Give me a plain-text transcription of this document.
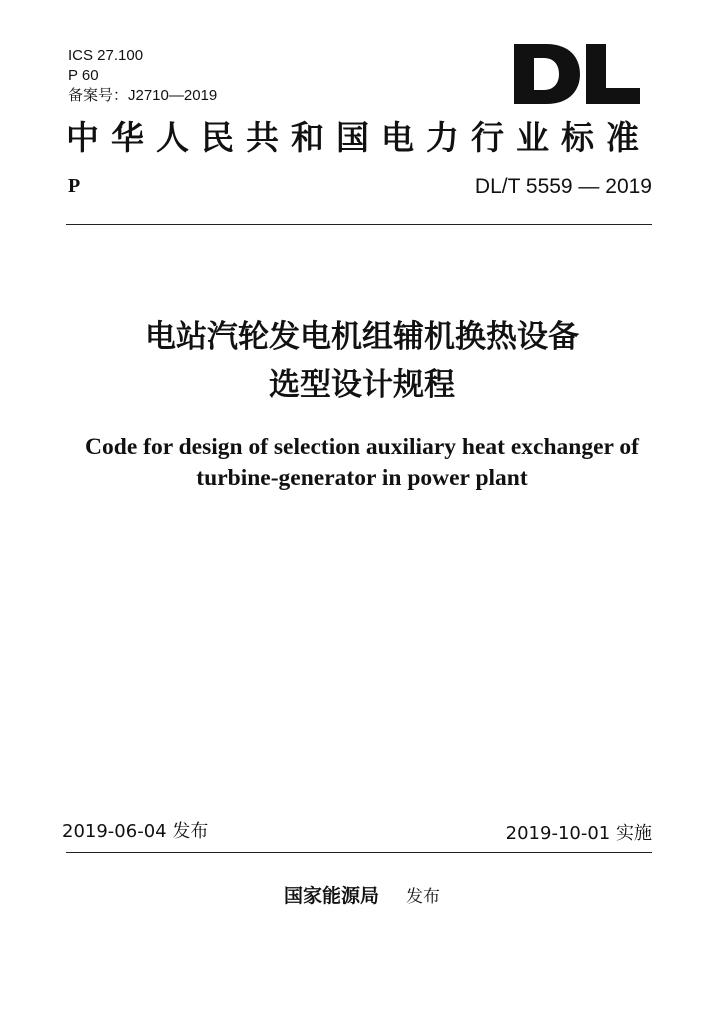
ICS 27.100
P 60
备案号：J2710—2019
中华人民共和国电力行业标准
P	DL/T 5559 — 2019
电站汽轮发电机组辅机换热设备
选型设计规程
Code for design of selection auxiliary heat exchanger of
turbine-generator in power plant
2019-06-04 发布	2019-10-01 实施
国家能源局 发布
